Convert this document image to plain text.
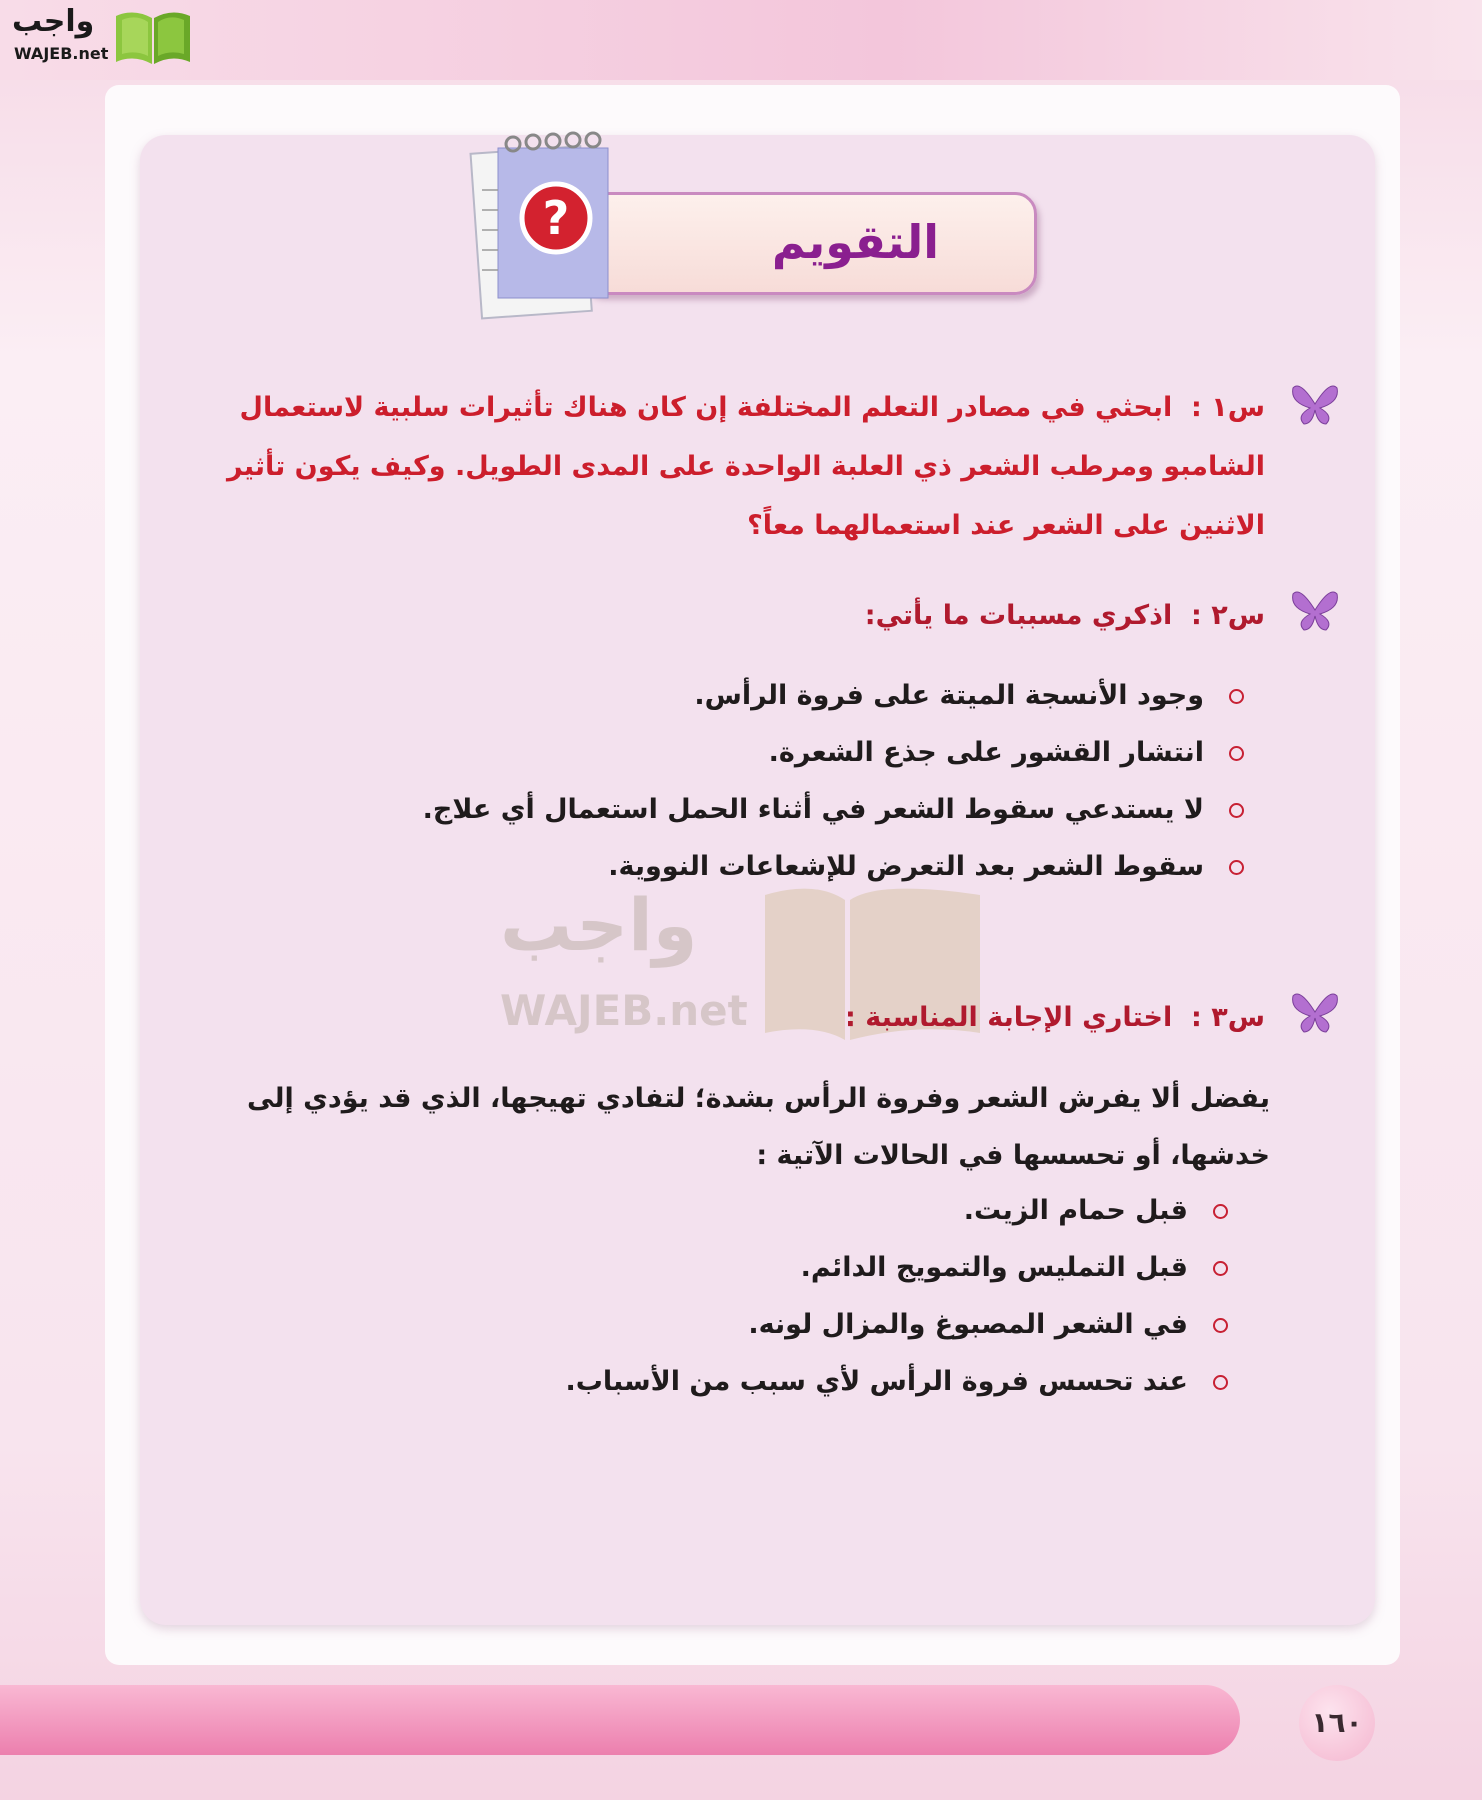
واجب
WAJEB.net
التقويم
?
س١ :  ابحثي في مصادر التعلم المختلفة إن كان هناك تأثيرات سلبية لاستعمال الشامبو ومرطب الشعر ذي العلبة الواحدة على المدى الطويل. وكيف يكون تأثير الاثنين على الشعر عند استعمالهما معاً؟
س٢ :  اذكري مسببات ما يأتي:
وجود الأنسجة الميتة على فروة الرأس.
انتشار القشور على جذع الشعرة.
لا يستدعي سقوط الشعر في أثناء الحمل استعمال أي علاج.
سقوط الشعر بعد التعرض للإشعاعات النووية.
واجب
WAJEB.net	س٣ :  اختاري الإجابة المناسبة :
يفضل ألا يفرش الشعر وفروة الرأس بشدة؛ لتفادي تهيجها، الذي قد يؤدي إلى خدشها، أو تحسسها في الحالات الآتية :
قبل حمام الزيت.
قبل التمليس والتمويج الدائم.
في الشعر المصبوغ والمزال لونه.
عند تحسس فروة الرأس لأي سبب من الأسباب.
١٦٠
